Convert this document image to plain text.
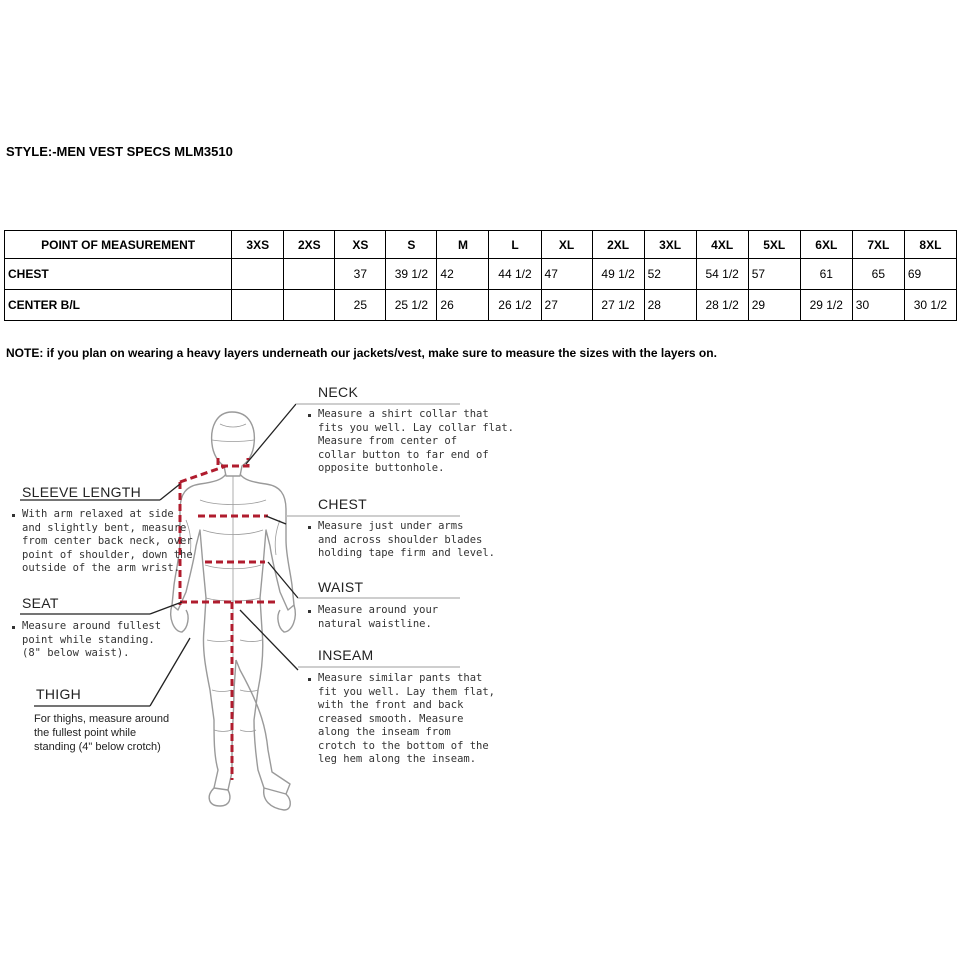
STYLE:-MEN VEST SPECS MLM3510
POINT OF MEASUREMENT	3XS	2XS	XS	S	M	L	XL	2XL	3XL	4XL	5XL	6XL	7XL	8XL
CHEST			37	39 1/2	42	44 1/2	47	49 1/2	52	54 1/2	57	61	65	69
CENTER B/L			25	25 1/2	26	26 1/2	27	27 1/2	28	28 1/2	29	29 1/2	30	30 1/2
NOTE: if you plan on wearing a heavy layers underneath our jackets/vest, make sure to measure the sizes with the layers on.
NECK
Measure a shirt collar that
fits you well. Lay collar flat.
Measure from center of
collar button to far end of
opposite buttonhole.
CHEST
Measure just under arms
and across shoulder blades
holding tape firm and level.
WAIST
Measure around your
natural waistline.
INSEAM
Measure similar pants that
fit you well. Lay them flat,
with the front and back
creased smooth. Measure
along the inseam from
crotch to the bottom of the
leg hem along the inseam.
SLEEVE LENGTH
With arm relaxed at side
and slightly bent, measure
from center back neck, over
point of shoulder, down the
outside of the arm wrist.
SEAT
Measure around fullest
point while standing.
(8" below waist).
THIGH
For thighs, measure around
the fullest point while
standing (4" below crotch)
